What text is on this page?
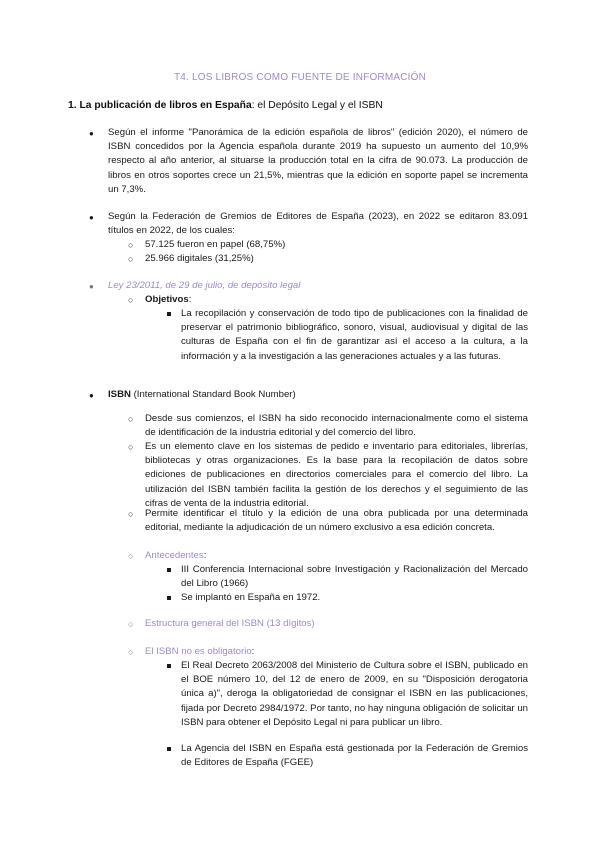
T4. LOS LIBROS COMO FUENTE DE INFORMACIÓN
1. La publicación de libros en España: el Depósito Legal y el ISBN
● Según el informe "Panorámica de la edición española de libros" (edición 2020), el número de ISBN concedidos por la Agencia española durante 2019 ha supuesto un aumento del 10,9% respecto al año anterior, al situarse la producción total en la cifra de 90.073. La producción de libros en otros soportes crece un 21,5%, mientras que la edición en soporte papel se incrementa un 7,3%.
● Según la Federación de Gremios de Editores de España (2023), en 2022 se editaron 83.091 títulos en 2022, de los cuales:
○ 57.125 fueron en papel (68,75%)
○ 25.966 digitales (31,25%)
● Ley 23/2011, de 29 de julio, de depósito legal
○ Objetivos:
La recopilación y conservación de todo tipo de publicaciones con la finalidad de preservar el patrimonio bibliográfico, sonoro, visual, audiovisual y digital de las culturas de España con el fin de garantizar así el acceso a la cultura, a la información y a la investigación a las generaciones actuales y a las futuras.
● ISBN (International Standard Book Number)
○ Desde sus comienzos, el ISBN ha sido reconocido internacionalmente como el sistema de identificación de la industria editorial y del comercio del libro.
○ Es un elemento clave en los sistemas de pedido e inventario para editoriales, librerías, bibliotecas y otras organizaciones. Es la base para la recopilación de datos sobre ediciones de publicaciones en directorios comerciales para el comercio del libro. La utilización del ISBN también facilita la gestión de los derechos y el seguimiento de las cifras de venta de la industria editorial.
○ Permite identificar el título y la edición de una obra publicada por una determinada editorial, mediante la adjudicación de un número exclusivo a esa edición concreta.
○ Antecedentes:
III Conferencia Internacional sobre Investigación y Racionalización del Mercado del Libro (1966)
Se implantó en España en 1972.
○ Estructura general del ISBN (13 dígitos)
○ El ISBN no es obligatorio:
El Real Decreto 2063/2008 del Ministerio de Cultura sobre el ISBN, publicado en el BOE número 10, del 12 de enero de 2009, en su "Disposición derogatoria única a)", deroga la obligatoriedad de consignar el ISBN en las publicaciones, fijada por Decreto 2984/1972. Por tanto, no hay ninguna obligación de solicitar un ISBN para obtener el Depósito Legal ni para publicar un libro.
La Agencia del ISBN en España está gestionada por la Federación de Gremios de Editores de España (FGEE)
